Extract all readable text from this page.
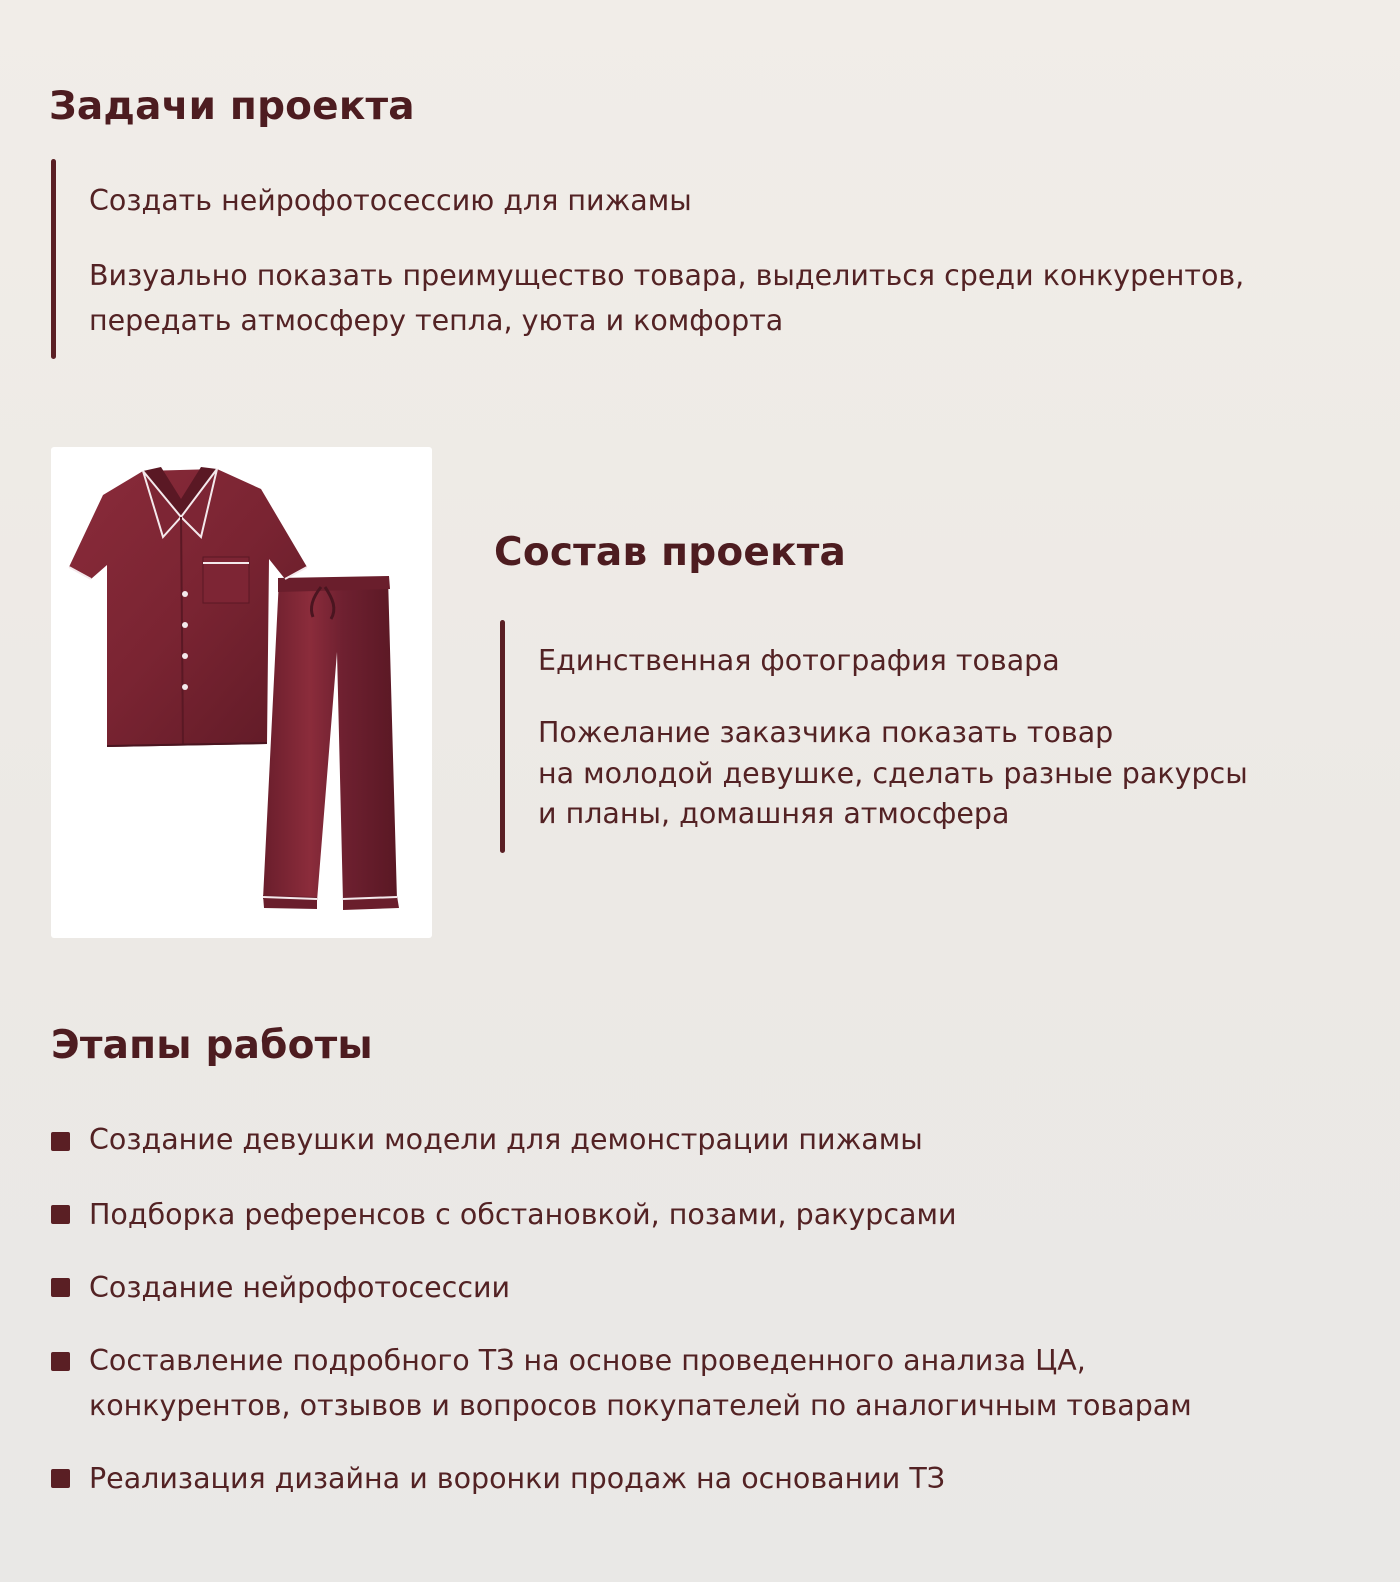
Задачи проекта

Создать нейрофотосессию для пижамы

Визуально показать преимущество товара, выделиться среди конкурентов,

передать атмосферу тепла, уюта и комфорта

Состав проекта

Единственная фотография товара

Пожелание заказчика показать товар

на молодой девушке, сделать разные ракурсы

и планы, домашняя атмосфера

Этапы работы

Создание девушки модели для демонстрации пижамы

Подборка референсов с обстановкой, позами, ракурсами

Создание нейрофотосессии

Составление подробного ТЗ на основе проведенного анализа ЦА,

конкурентов, отзывов и вопросов покупателей по аналогичным товарам

Реализация дизайна и воронки продаж на основании ТЗ
